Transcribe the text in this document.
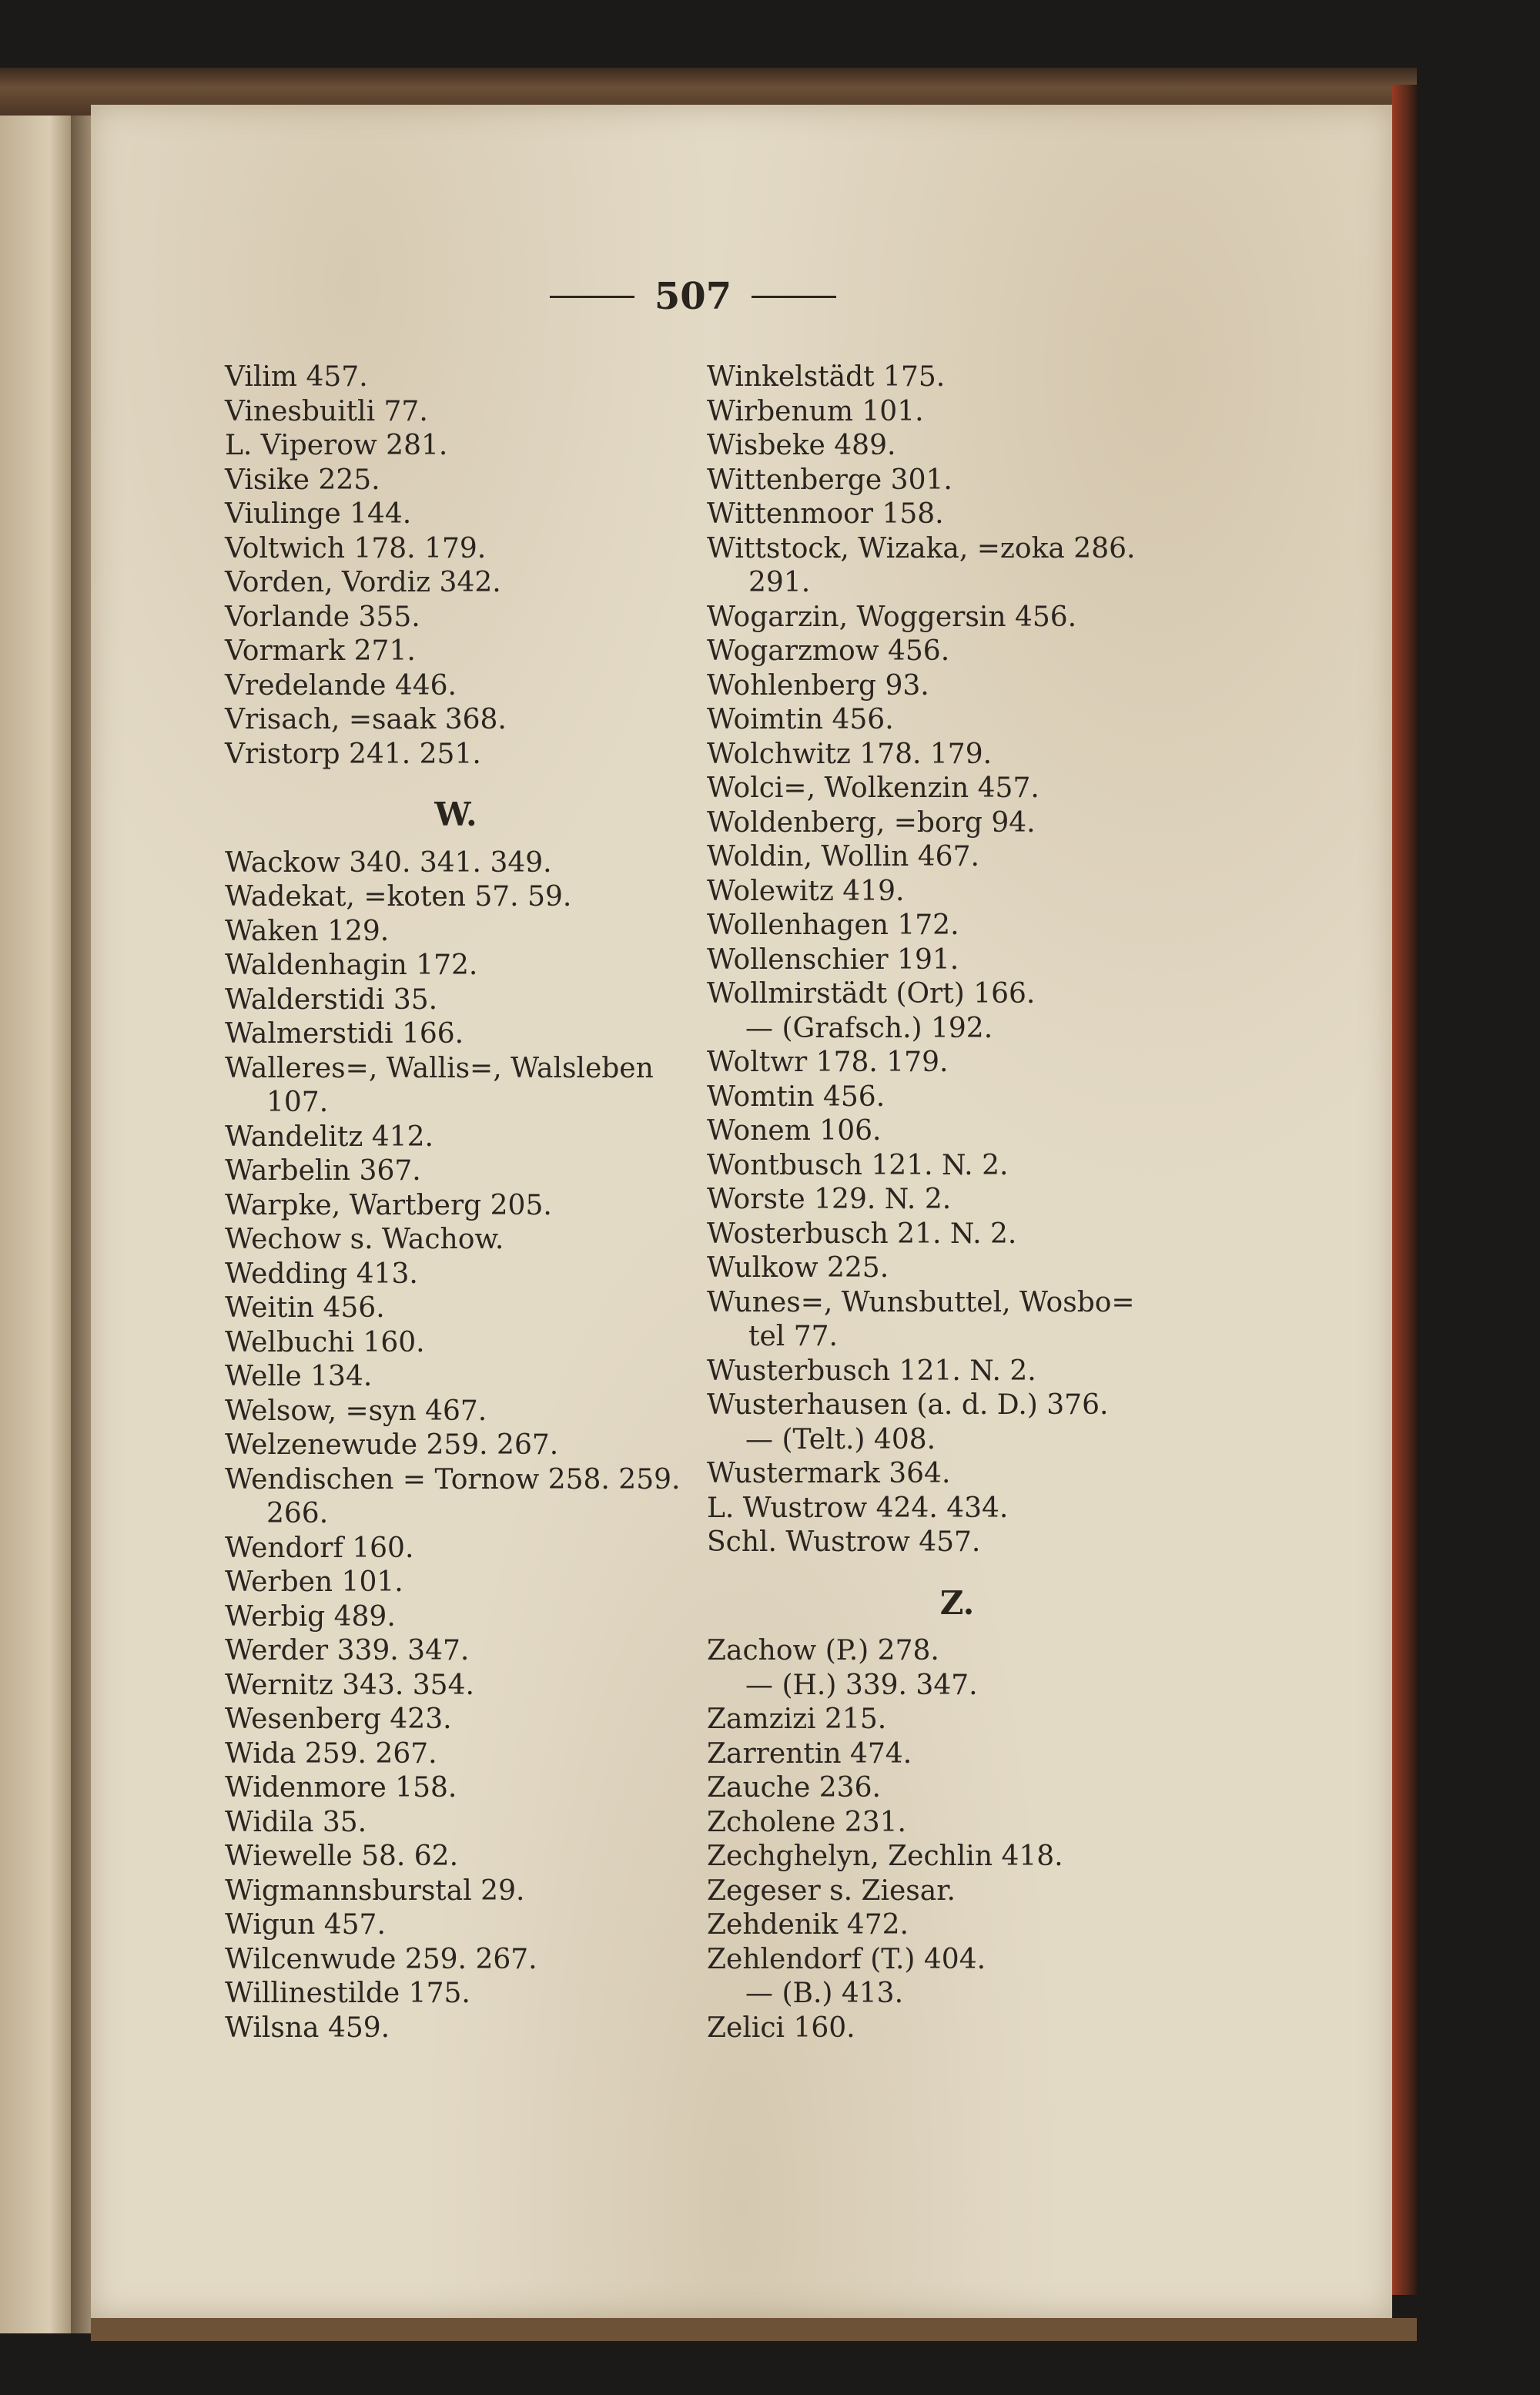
507
Vilim 457.
Vinesbuitli 77.
L. Viperow 281.
Visike 225.
Viulinge 144.
Voltwich 178. 179.
Vorden, Vordiz 342.
Vorlande 355.
Vormark 271.
Vredelande 446.
Vrisach, =saak 368.
Vristorp 241. 251.
W.
Wackow 340. 341. 349.
Wadekat, =koten 57. 59.
Waken 129.
Waldenhagin 172.
Walderstidi 35.
Walmerstidi 166.
Walleres=, Wallis=, Walsleben
107.
Wandelitz 412.
Warbelin 367.
Warpke, Wartberg 205.
Wechow s. Wachow.
Wedding 413.
Weitin 456.
Welbuchi 160.
Welle 134.
Welsow, =syn 467.
Welzenewude 259. 267.
Wendischen = Tornow 258. 259.
266.
Wendorf 160.
Werben 101.
Werbig 489.
Werder 339. 347.
Wernitz 343. 354.
Wesenberg 423.
Wida 259. 267.
Widenmore 158.
Widila 35.
Wiewelle 58. 62.
Wigmannsburstal 29.
Wigun 457.
Wilcenwude 259. 267.
Willinestilde 175.
Wilsna 459.
Winkelstädt 175.
Wirbenum 101.
Wisbeke 489.
Wittenberge 301.
Wittenmoor 158.
Wittstock, Wizaka, =zoka 286.
291.
Wogarzin, Woggersin 456.
Wogarzmow 456.
Wohlenberg 93.
Woimtin 456.
Wolchwitz 178. 179.
Wolci=, Wolkenzin 457.
Woldenberg, =borg 94.
Woldin, Wollin 467.
Wolewitz 419.
Wollenhagen 172.
Wollenschier 191.
Wollmirstädt (Ort) 166.
— (Grafsch.) 192.
Woltwr 178. 179.
Womtin 456.
Wonem 106.
Wontbusch 121. N. 2.
Worste 129. N. 2.
Wosterbusch 21. N. 2.
Wulkow 225.
Wunes=, Wunsbuttel, Wosbo=
tel 77.
Wusterbusch 121. N. 2.
Wusterhausen (a. d. D.) 376.
— (Telt.) 408.
Wustermark 364.
L. Wustrow 424. 434.
Schl. Wustrow 457.
Z.
Zachow (P.) 278.
— (H.) 339. 347.
Zamzizi 215.
Zarrentin 474.
Zauche 236.
Zcholene 231.
Zechghelyn, Zechlin 418.
Zegeser s. Ziesar.
Zehdenik 472.
Zehlendorf (T.) 404.
— (B.) 413.
Zelici 160.
